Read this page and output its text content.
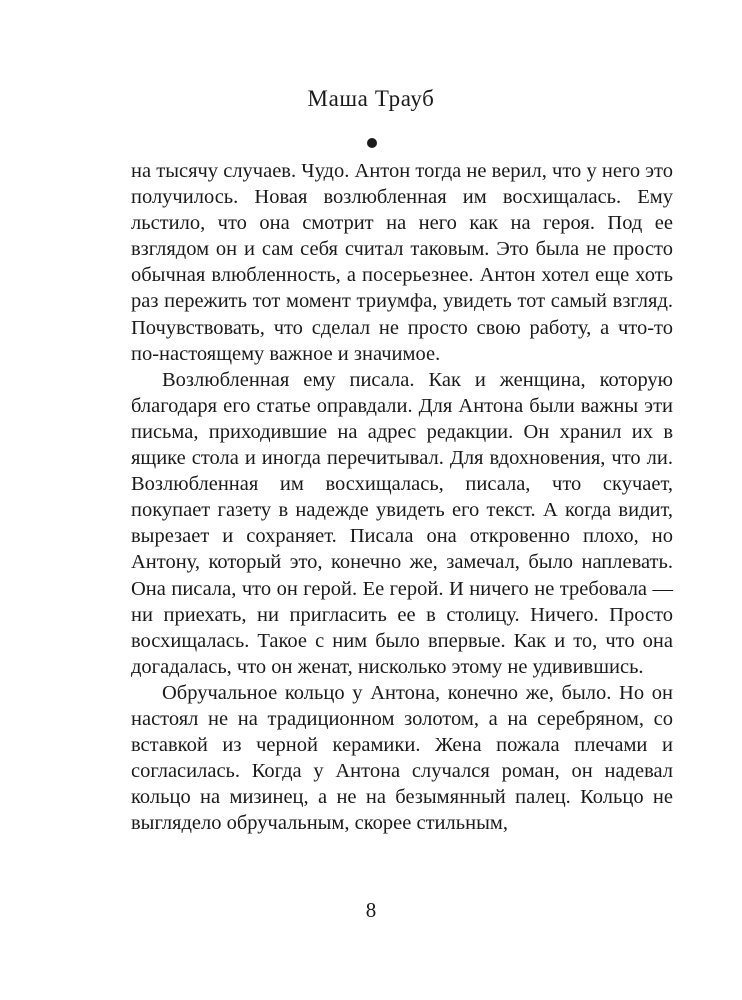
Маша Трауб

на тысячу случаев. Чудо. Антон тогда не верил, что у него это получилось. Новая возлюбленная им восхищалась. Ему льстило, что она смотрит на него как на героя. Под ее взглядом он и сам себя считал таковым. Это была не просто обычная влюбленность, а посерьезнее. Антон хотел еще хоть раз пережить тот момент триумфа, увидеть тот самый взгляд. Почувствовать, что сделал не просто свою работу, а что-то по-настоящему важное и значимое.

Возлюбленная ему писала. Как и женщина, которую благодаря его статье оправдали. Для Антона были важны эти письма, приходившие на адрес редакции. Он хранил их в ящике стола и иногда перечитывал. Для вдохновения, что ли. Возлюбленная им восхищалась, писала, что скучает, покупает газету в надежде увидеть его текст. А когда видит, вырезает и сохраняет. Писала она откровенно плохо, но Антону, который это, конечно же, замечал, было наплевать. Она писала, что он герой. Ее герой. И ничего не требовала — ни приехать, ни пригласить ее в столицу. Ничего. Просто восхищалась. Такое с ним было впервые. Как и то, что она догадалась, что он женат, нисколько этому не удивившись.

Обручальное кольцо у Антона, конечно же, было. Но он настоял не на традиционном золотом, а на серебряном, со вставкой из черной керамики. Жена пожала плечами и согласилась. Когда у Антона случался роман, он надевал кольцо на мизинец, а не на безымянный палец. Кольцо не выглядело обручальным, скорее стильным,

8
